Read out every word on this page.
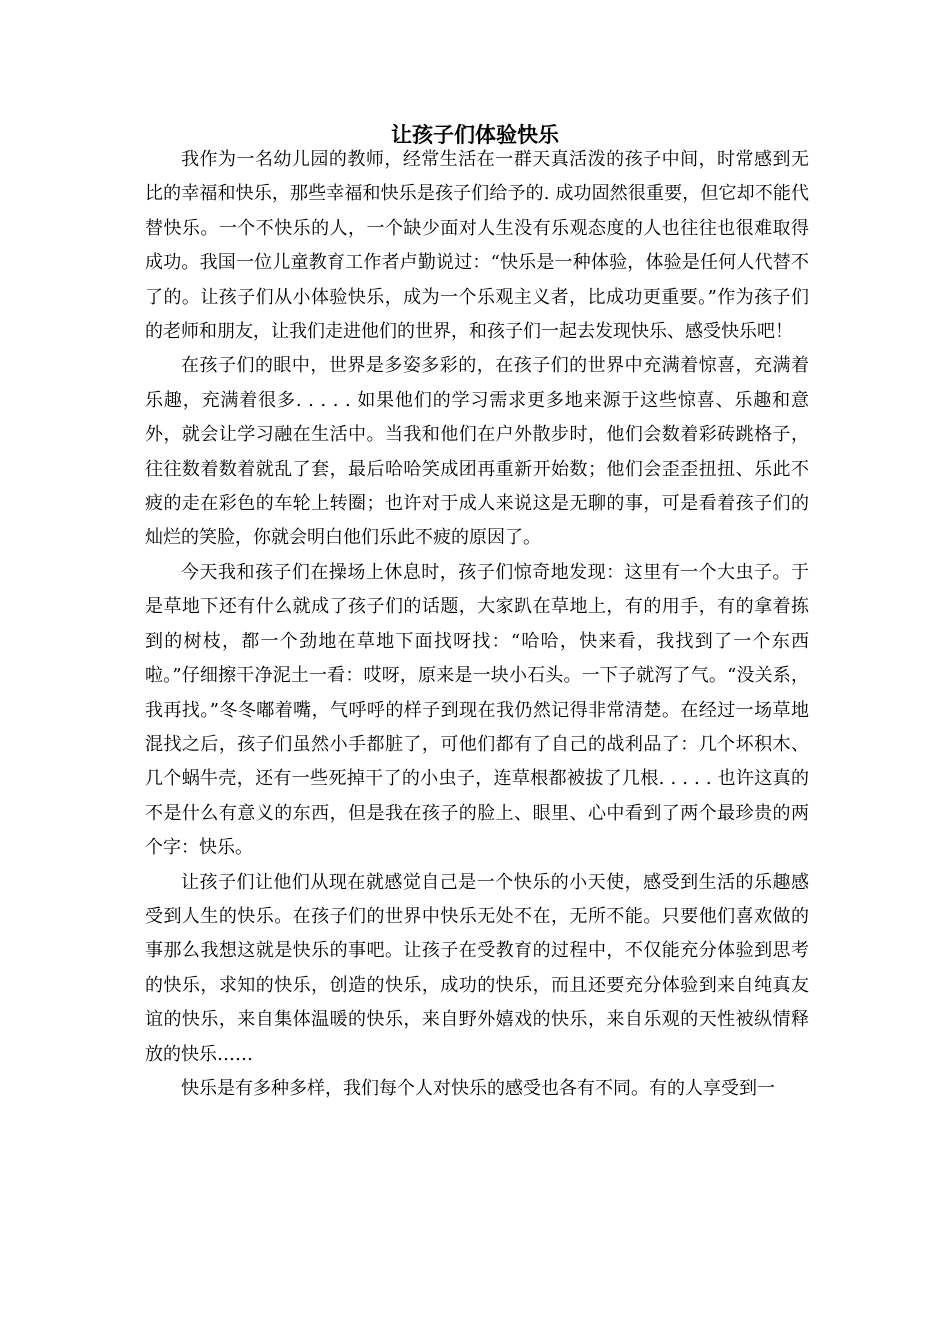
让孩子们体验快乐

我作为一名幼儿园的教师，经常生活在一群天真活泼的孩子中间，时常感到无比的幸福和快乐，那些幸福和快乐是孩子们给予的. 成功固然很重要，但它却不能代替快乐。一个不快乐的人，一个缺少面对人生没有乐观态度的人也往往也很难取得成功。我国一位儿童教育工作者卢勤说过：“快乐是一种体验，体验是任何人代替不了的。让孩子们从小体验快乐，成为一个乐观主义者，比成功更重要。”作为孩子们的老师和朋友，让我们走进他们的世界，和孩子们一起去发现快乐、感受快乐吧！

在孩子们的眼中，世界是多姿多彩的，在孩子们的世界中充满着惊喜，充满着乐趣，充满着很多. . . . . 如果他们的学习需求更多地来源于这些惊喜、乐趣和意外，就会让学习融在生活中。当我和他们在户外散步时，他们会数着彩砖跳格子，往往数着数着就乱了套，最后哈哈笑成团再重新开始数；他们会歪歪扭扭、乐此不疲的走在彩色的车轮上转圈；也许对于成人来说这是无聊的事，可是看着孩子们的灿烂的笑脸，你就会明白他们乐此不疲的原因了。

今天我和孩子们在操场上休息时，孩子们惊奇地发现：这里有一个大虫子。于是草地下还有什么就成了孩子们的话题，大家趴在草地上，有的用手，有的拿着拣到的树枝，都一个劲地在草地下面找呀找：“哈哈，快来看，我找到了一个东西啦。”仔细擦干净泥土一看：哎呀，原来是一块小石头。一下子就泻了气。“没关系，我再找。”冬冬嘟着嘴，气呼呼的样子到现在我仍然记得非常清楚。在经过一场草地混找之后，孩子们虽然小手都脏了，可他们都有了自己的战利品了：几个坏积木、几个蜗牛壳，还有一些死掉干了的小虫子，连草根都被拔了几根. . . . . 也许这真的不是什么有意义的东西，但是我在孩子的脸上、眼里、心中看到了两个最珍贵的两个字：快乐。

让孩子们让他们从现在就感觉自己是一个快乐的小天使，感受到生活的乐趣感受到人生的快乐。在孩子们的世界中快乐无处不在，无所不能。只要他们喜欢做的事那么我想这就是快乐的事吧。让孩子在受教育的过程中，不仅能充分体验到思考的快乐，求知的快乐，创造的快乐，成功的快乐，而且还要充分体验到来自纯真友谊的快乐，来自集体温暖的快乐，来自野外嬉戏的快乐，来自乐观的天性被纵情释放的快乐……

快乐是有多种多样，我们每个人对快乐的感受也各有不同。有的人享受到一
